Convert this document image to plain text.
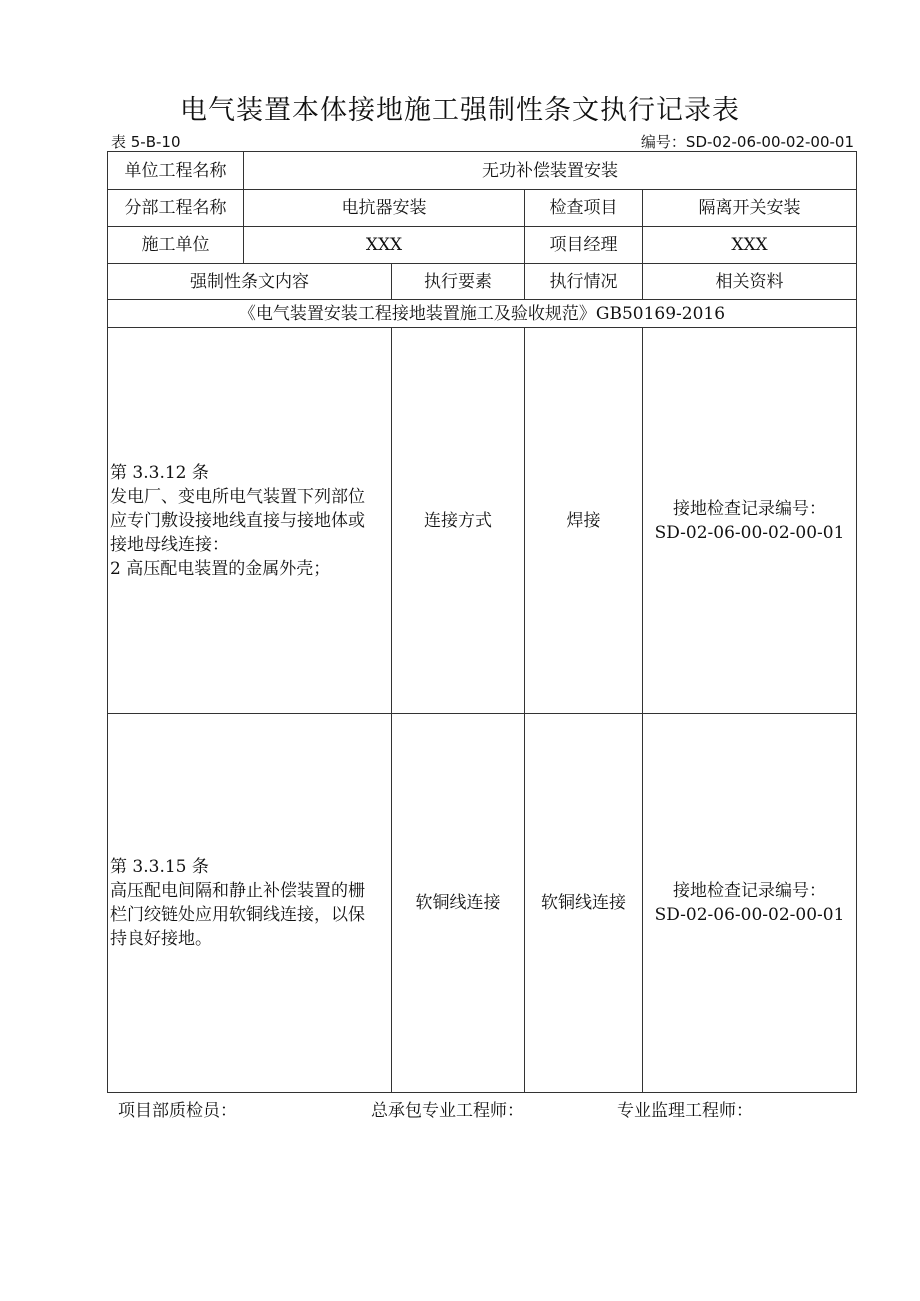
电气装置本体接地施工强制性条文执行记录表
表 5-B-10	编号：SD-02-06-00-02-00-01
单位工程名称	无功补偿装置安装			
分部工程名称	电抗器安装		检查项目	隔离开关安装
施工单位	XXX		项目经理	XXX
强制性条文内容		执行要素	执行情况	相关资料
《电气装置安装工程接地装置施工及验收规范》GB50169-2016				

第 3.3.12 条
发电厂、变电所电气装置下列部位
应专门敷设接地线直接与接地体或
接地母线连接：
2 高压配电装置的金属外壳；		连接方式	焊接	接地检查记录编号：
SD-02-06-00-02-00-01

第 3.3.15 条
高压配电间隔和静止补偿装置的栅
栏门绞链处应用软铜线连接，以保
持良好接地。		软铜线连接	软铜线连接	接地检查记录编号：
SD-02-06-00-02-00-01
项目部质检员：	总承包专业工程师：	专业监理工程师：
